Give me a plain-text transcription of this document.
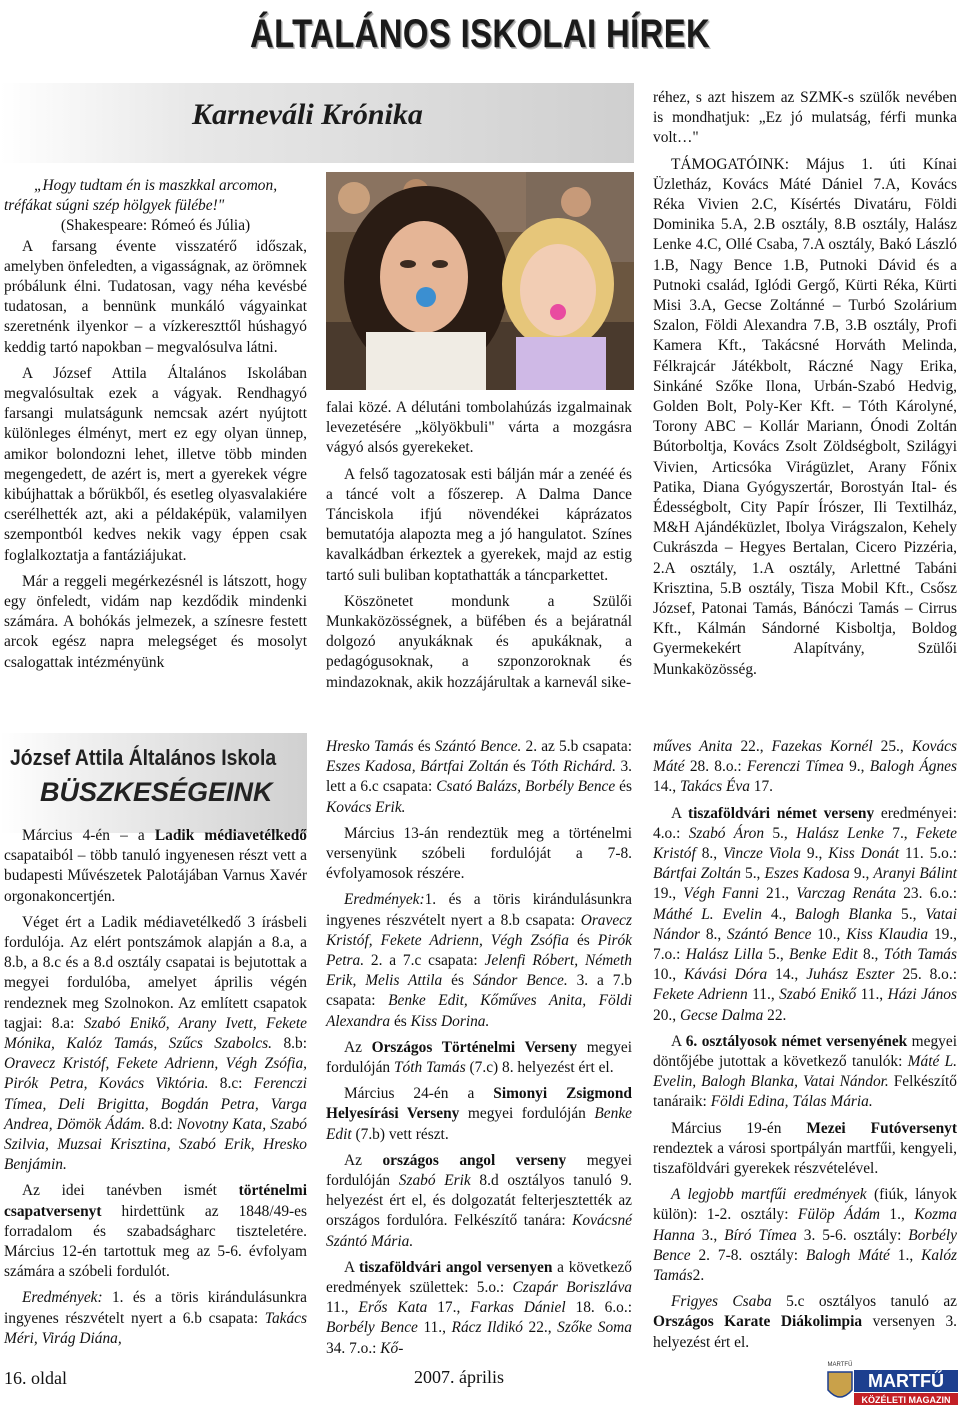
ÁLTALÁNOS ISKOLAI HÍREK
Karneváli Krónika

„Hogy tudtam én is maszkkal arcomon,

tréfákat súgni szép hölgyek fülébe!"

(Shakespeare: Rómeó és Júlia)

A farsang évente visszatérő időszak, amelyben önfeledten, a vigasságnak, az örömnek próbálunk élni. Tudatosan, vagy néha kevésbé tudatosan, a bennünk munkáló vágyainkat szeretnénk ilyenkor – a vízkereszttől húshagyó keddig tartó napokban – megvalósulva látni.

A József Attila Általános Iskolában megvalósultak ezek a vágyak. Rendhagyó farsangi mulatságunk nemcsak azért nyújtott különleges élményt, mert ez egy olyan ünnep, amikor bolondozni lehet, illetve több minden megengedett, de azért is, mert a gyerekek végre kibújhattak a bőrükből, és esetleg olyasvalakiére cserélhették azt, aki a példaképük, valamilyen szempontból kedves nekik vagy éppen csak foglalkoztatja a fantáziájukat.

Már a reggeli megérkezésnél is látszott, hogy egy önfeledt, vidám nap kezdődik mindenki számára. A bohókás jelmezek, a színesre festett arcok egész napra melegséget és mosolyt csalogattak intézményünk

falai közé. A délutáni tombolahúzás izgalmainak levezetésére „kölyökbuli" várta a mozgásra vágyó alsós gyerekeket.

A felső tagozatosak esti bálján már a zenéé és a táncé volt a főszerep. A Dalma Dance Tánciskola ifjú növendékei káprázatos bemutatója alapozta meg a jó hangulatot. Színes kavalkádban érkeztek a gyerekek, majd az estig tartó suli buliban koptathatták a táncparkettet.

Köszönetet mondunk a Szülői Munkaközösségnek, a büfében és a bejáratnál dolgozó anyukáknak és apukáknak, a pedagógusoknak, a szponzoroknak és mindazoknak, akik hozzájárultak a karnevál sike-

réhez, s azt hiszem az SZMK-s szülők nevében is mondhatjuk: „Ez jó mulatság, férfi munka volt…"

TÁMOGATÓINK: Május 1. úti Kínai Üzletház, Kovács Máté Dániel 7.A, Kovács Réka Vivien 2.C, Kísértés Divatáru, Földi Dominika 5.A, 2.B osztály, 8.B osztály, Halász Lenke 4.C, Ollé Csaba, 7.A osztály, Bakó László 1.B, Nagy Bence 1.B, Putnoki Dávid és a Putnoki család, Iglódi Gergő, Kürti Réka, Kürti Misi 3.A, Gecse Zoltánné – Turbó Szolárium Szalon, Földi Alexandra 7.B, 3.B osztály, Profi Kamera Kft., Takácsné Horváth Melinda, Félkrajcár Játékbolt, Ráczné Nagy Erika, Sinkáné Szőke Ilona, Urbán-Szabó Hedvig, Golden Bolt, Poly-Ker Kft. – Tóth Károlyné, Torony ABC – Kollár Mariann, Ónodi Zoltán Bútorboltja, Kovács Zsolt Zöldségbolt, Szilágyi Vivien, Articsóka Virágüzlet, Arany Főnix Patika, Diana Gyógyszertár, Borostyán Ital- és Édességbolt, City Papír Írószer, Ili Textilház, M&H Ajándéküzlet, Ibolya Virágszalon, Kehely Cukrászda – Hegyes Bertalan, Cicero Pizzéria, 2.A osztály, 1.A osztály, Arlettné Tabáni Krisztina, 5.B osztály, Tisza Mobil Kft., Csősz József, Patonai Tamás, Bánóczi Tamás – Cirrus Kft., Kálmán Sándorné Kisboltja, Boldog Gyermekekért Alapítvány, Szülői Munkaközösség.

József Attila Általános Iskola
BÜSZKESÉGEINK

Március 4-én – a Ladik médiavetélkedő csapataiból – több tanuló ingyenesen részt vett a budapesti Művészetek Palotájában Varnus Xavér orgonakoncertjén.

Véget ért a Ladik médiavetélkedő 3 írásbeli fordulója. Az elért pontszámok alapján a 8.a, a 8.b, a 8.c és a 8.d osztály csapatai is bejutottak a megyei fordulóba, amelyet április végén rendeznek meg Szolnokon. Az említett csapatok tagjai: 8.a: Szabó Enikő, Arany Ivett, Fekete Mónika, Kalóz Tamás, Szűcs Szabolcs. 8.b: Oravecz Kristóf, Fekete Adrienn, Végh Zsófia, Pirók Petra, Kovács Viktória. 8.c: Ferenczi Tímea, Deli Brigitta, Bogdán Petra, Varga Andrea, Dömök Ádám. 8.d: Novotny Kata, Szabó Szilvia, Muzsai Krisztina, Szabó Erik, Hresko Benjámin.

Az idei tanévben ismét történelmi csapatversenyt hirdettünk az 1848/49-es forradalom és szabadságharc tiszteletére. Március 12-én tartottuk meg az 5-6. évfolyam számára a szóbeli fordulót.

Eredmények: 1. és a töris kirándulásunkra ingyenes részvételt nyert a 6.b csapata: Takács Méri, Virág Diána,

Hresko Tamás és Szántó Bence. 2. az 5.b csapata: Eszes Kadosa, Bártfai Zoltán és Tóth Richárd. 3. lett a 6.c csapata: Csató Balázs, Borbély Bence és Kovács Erik.

Március 13-án rendeztük meg a történelmi versenyünk szóbeli fordulóját a 7-8. évfolyamosok részére.

Eredmények:1. és a töris kirándulásunkra ingyenes részvételt nyert a 8.b csapata: Oravecz Kristóf, Fekete Adrienn, Végh Zsófia és Pirók Petra. 2. a 7.c csapata: Jelenfi Róbert, Németh Erik, Melis Attila és Sándor Bence. 3. a 7.b csapata: Benke Edit, Kőműves Anita, Földi Alexandra és Kiss Dorina.

Az Országos Történelmi Verseny megyei fordulóján Tóth Tamás (7.c) 8. helyezést ért el.

Március 24-én a Simonyi Zsigmond Helyesírási Verseny megyei fordulóján Benke Edit (7.b) vett részt.

Az országos angol verseny megyei fordulóján Szabó Erik 8.d osztályos tanuló 9. helyezést ért el, és dolgozatát felterjesztették az országos fordulóra. Felkészítő tanára: Kovácsné Szántó Mária.

A tiszaföldvári angol versenyen a következő eredmények születtek: 5.o.: Czapár Boriszláva 11., Erős Kata 17., Farkas Dániel 18. 6.o.: Borbély Bence 11., Rácz Ildikó 22., Szőke Soma 34. 7.o.: Kő-

műves Anita 22., Fazekas Kornél 25., Kovács Máté 28. 8.o.: Ferenczi Tímea 9., Balogh Ágnes 14., Takács Éva 17.

A tiszaföldvári német verseny eredményei: 4.o.: Szabó Áron 5., Halász Lenke 7., Fekete Kristóf 8., Vincze Viola 9., Kiss Donát 11. 5.o.: Bártfai Zoltán 5., Eszes Kadosa 9., Aranyi Bálint 19., Végh Fanni 21., Varczag Renáta 23. 6.o.: Máthé L. Evelin 4., Balogh Blanka 5., Vatai Nándor 8., Szántó Bence 10., Kiss Klaudia 19., 7.o.: Halász Lilla 5., Benke Edit 8., Tóth Tamás 10., Kávási Dóra 14., Juhász Eszter 25. 8.o.: Fekete Adrienn 11., Szabó Enikő 11., Házi János 20., Gecse Dalma 22.

A 6. osztályosok német versenyének megyei döntőjébe jutottak a következő tanulók: Máté L. Evelin, Balogh Blanka, Vatai Nándor. Felkészítő tanáraik: Földi Edina, Tálas Mária.

Március 19-én Mezei Futóversenyt rendeztek a városi sportpályán martfűi, kengyeli, tiszaföldvári gyerekek részvételével.

A legjobb martfűi eredmények (fiúk, lányok külön): 1-2. osztály: Fülöp Ádám 1., Kozma Hanna 3., Bíró Tímea 3. 5-6. osztály: Borbély Bence 2. 7-8. osztály: Balogh Máté 1., Kalóz Tamás2.

Frigyes Csaba 5.c osztályos tanuló az Országos Karate Diákolimpia versenyen 3. helyezést ért el.

16. oldal	2007. április	MARTFŰ
KÖZÉLETI MAGAZIN
MARTFŰ
